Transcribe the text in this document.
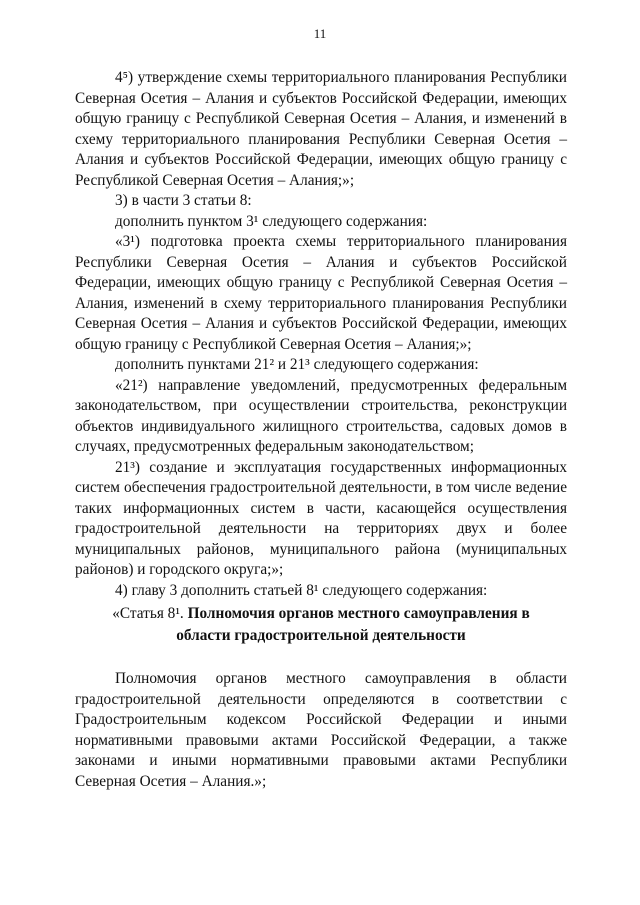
11

4⁵) утверждение схемы территориального планирования Республики Северная Осетия – Алания и субъектов Российской Федерации, имеющих общую границу с Республикой Северная Осетия – Алания, и изменений в схему территориального планирования Республики Северная Осетия – Алания и субъектов Российской Федерации, имеющих общую границу с Республикой Северная Осетия – Алания;»;

3) в части 3 статьи 8:

дополнить пунктом 3¹ следующего содержания:

«3¹) подготовка проекта схемы территориального планирования Республики Северная Осетия – Алания и субъектов Российской Федерации, имеющих общую границу с Республикой Северная Осетия – Алания, изменений в схему территориального планирования Республики Северная Осетия – Алания и субъектов Российской Федерации, имеющих общую границу с Республикой Северная Осетия – Алания;»;

дополнить пунктами 21² и 21³ следующего содержания:

«21²) направление уведомлений, предусмотренных федеральным законодательством, при осуществлении строительства, реконструкции объектов индивидуального жилищного строительства, садовых домов в случаях, предусмотренных федеральным законодательством;

21³) создание и эксплуатация государственных информационных систем обеспечения градостроительной деятельности, в том числе ведение таких информационных систем в части, касающейся осуществления градостроительной деятельности на территориях двух и более муниципальных районов, муниципального района (муниципальных районов) и городского округа;»;

4) главу 3 дополнить статьей 8¹ следующего содержания:

«Статья 8¹. Полномочия органов местного самоуправления в
области градостроительной деятельности

Полномочия органов местного самоуправления в области градостроительной деятельности определяются в соответствии с Градостроительным кодексом Российской Федерации и иными нормативными правовыми актами Российской Федерации, а также законами и иными нормативными правовыми актами Республики Северная Осетия – Алания.»;
